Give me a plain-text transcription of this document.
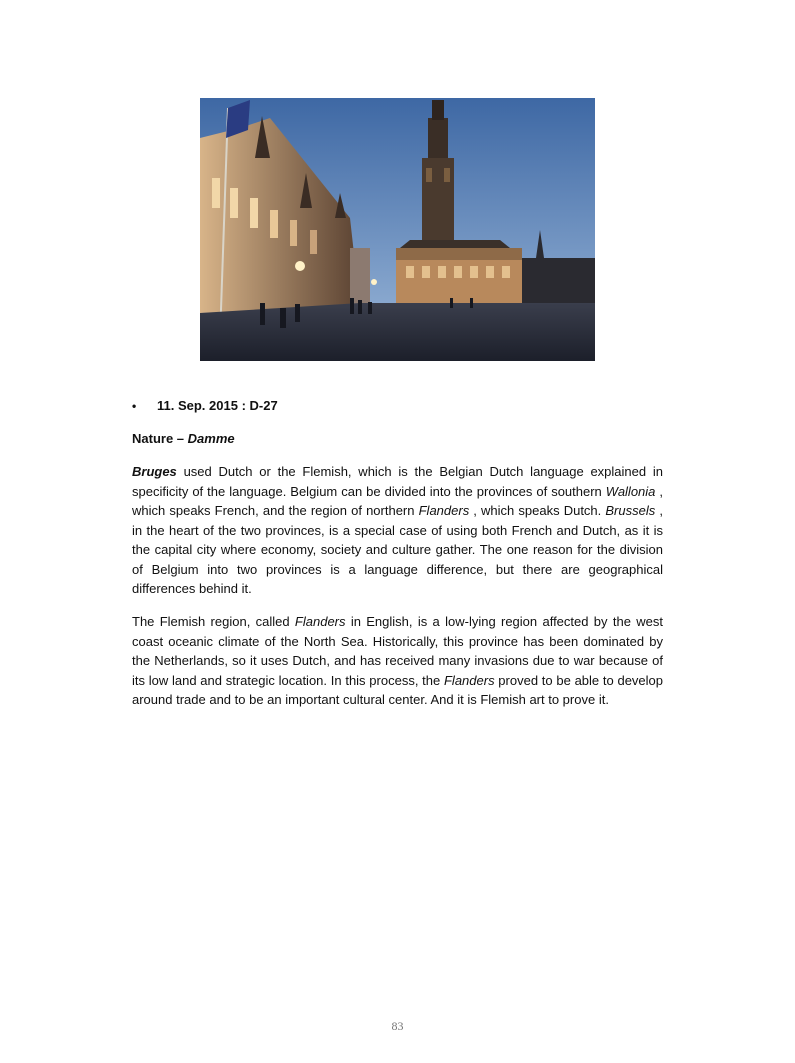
• 11. Sep. 2015 : D-27
Nature – Damme

Bruges used Dutch or the Flemish, which is the Belgian Dutch language explained in specificity of the language. Belgium can be divided into the provinces of southern Wallonia , which speaks French, and the region of northern Flanders , which speaks Dutch. Brussels , in the heart of the two provinces, is a special case of using both French and Dutch, as it is the capital city where economy, society and culture gather. The one reason for the division of Belgium into two provinces is a language difference, but there are geographical differences behind it.

The Flemish region, called Flanders in English, is a low-lying region affected by the west coast oceanic climate of the North Sea. Historically, this province has been dominated by the Netherlands, so it uses Dutch, and has received many invasions due to war because of its low land and strategic location. In this process, the Flanders proved to be able to develop around trade and to be an important cultural center. And it is Flemish art to prove it.

83
